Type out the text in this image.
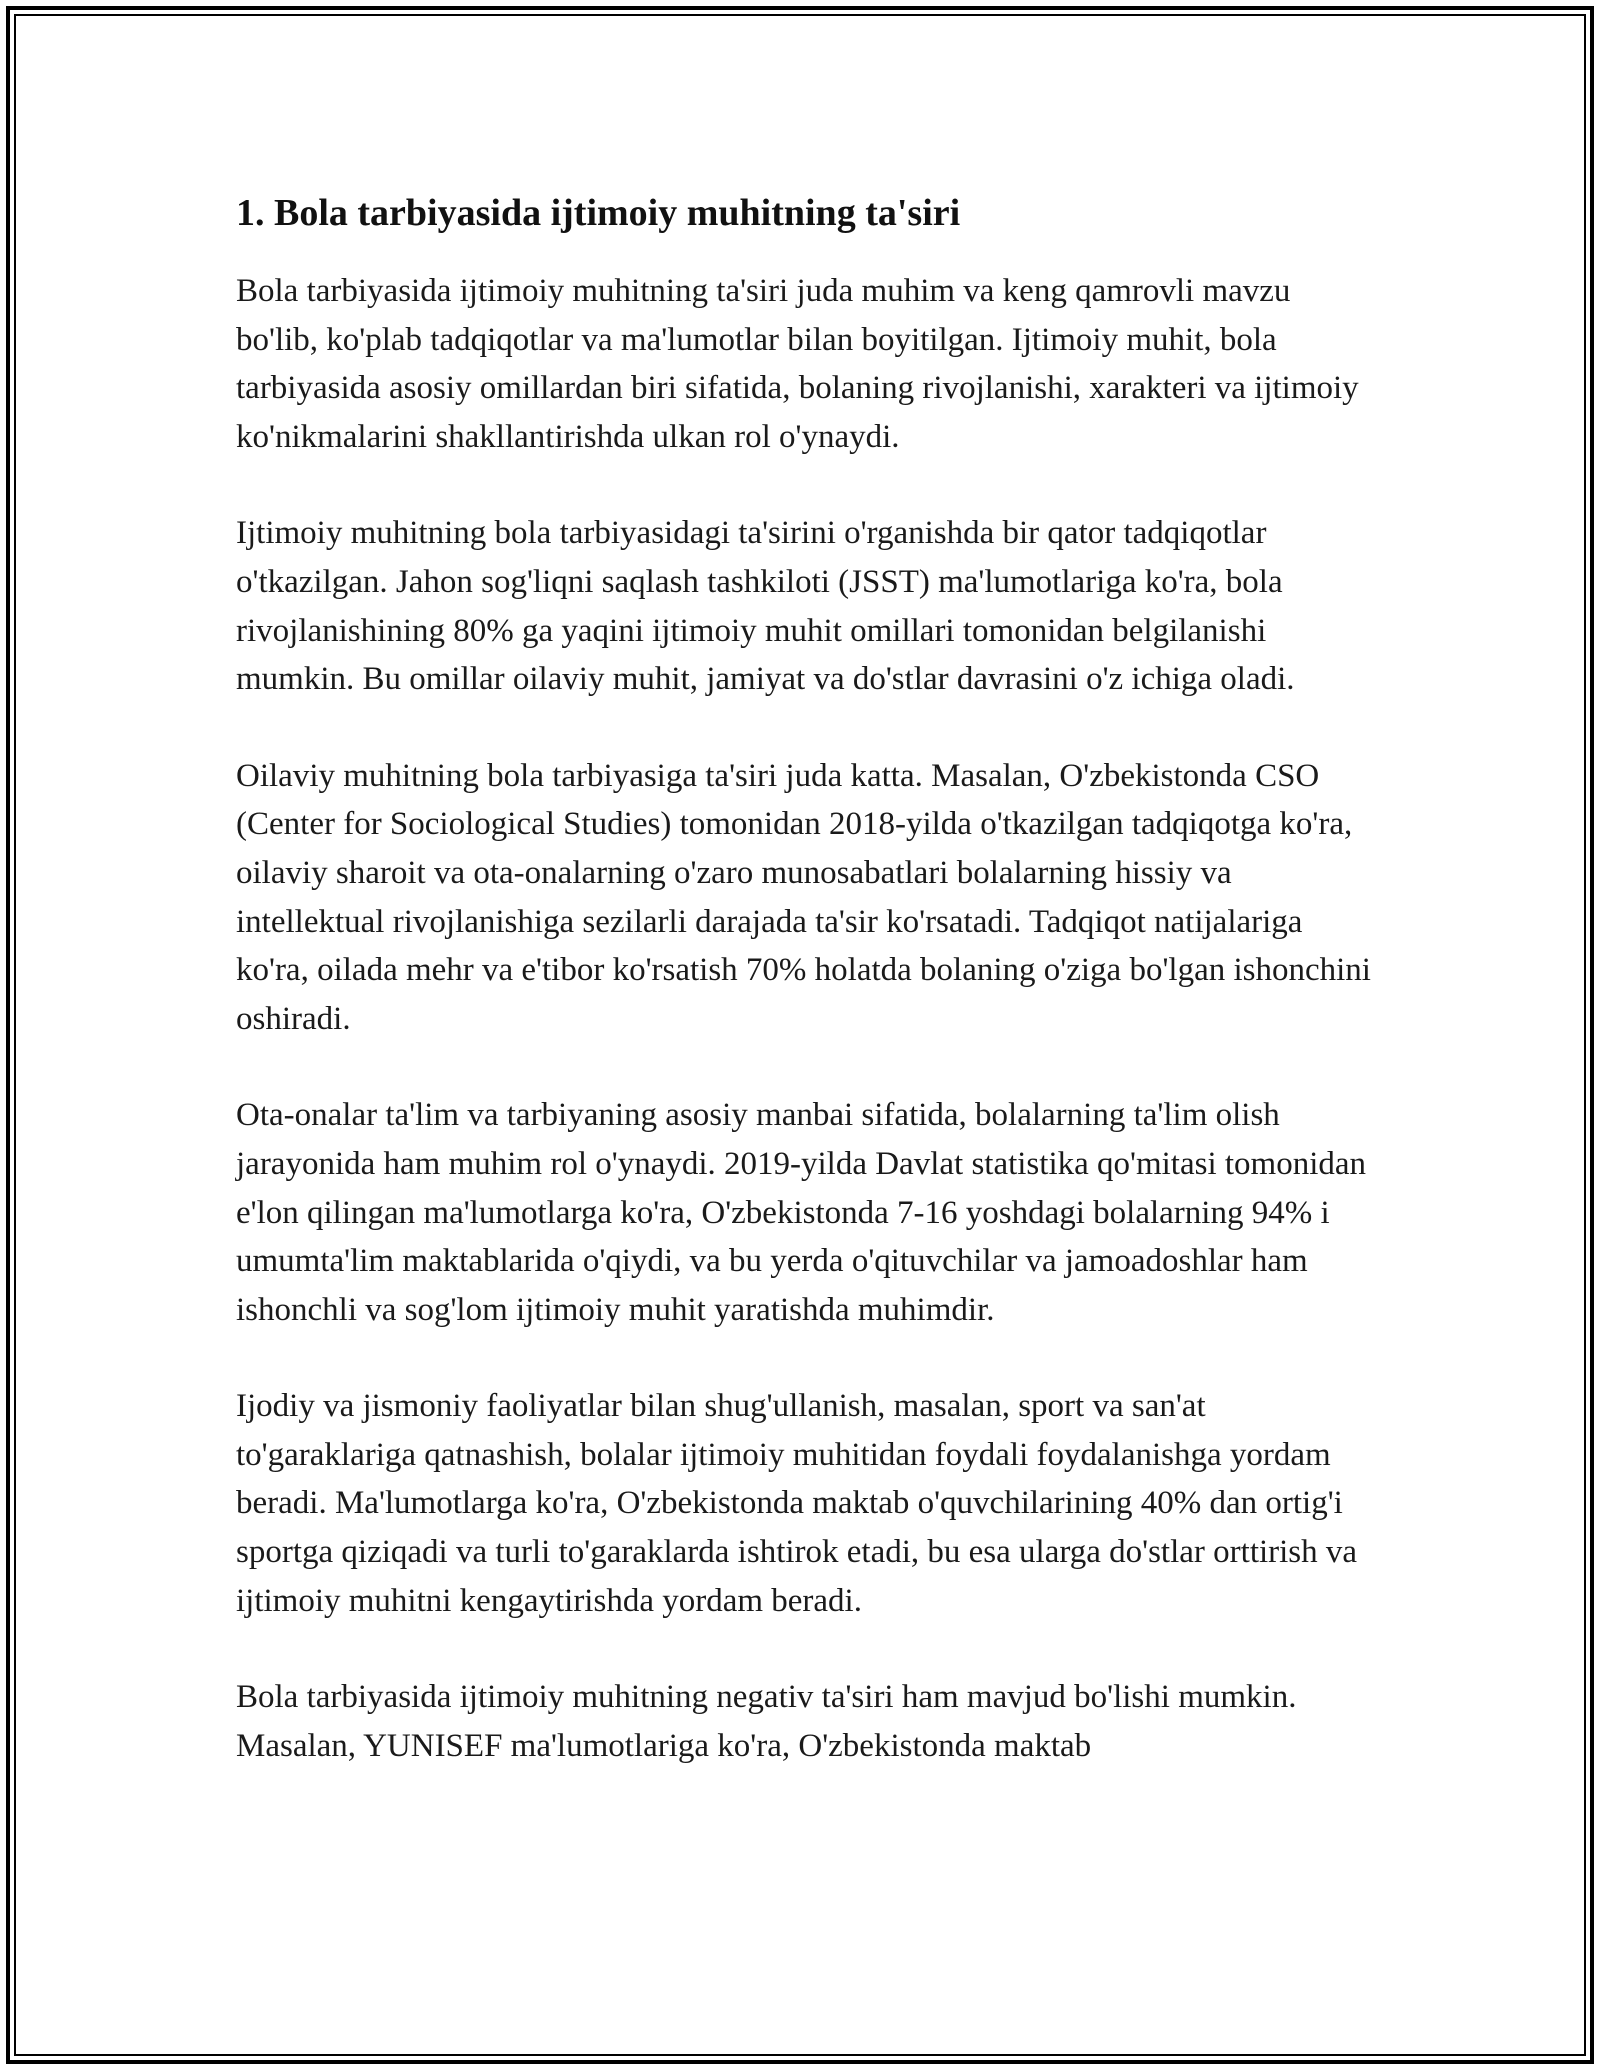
1. Bola tarbiyasida ijtimoiy muhitning ta'siri

Bola tarbiyasida ijtimoiy muhitning ta'siri juda muhim va keng qamrovli mavzu bo'lib, ko'plab tadqiqotlar va ma'lumotlar bilan boyitilgan. Ijtimoiy muhit, bola tarbiyasida asosiy omillardan biri sifatida, bolaning rivojlanishi, xarakteri va ijtimoiy ko'nikmalarini shakllantirishda ulkan rol o'ynaydi.

Ijtimoiy muhitning bola tarbiyasidagi ta'sirini o'rganishda bir qator tadqiqotlar o'tkazilgan. Jahon sog'liqni saqlash tashkiloti (JSST) ma'lumotlariga ko'ra, bola rivojlanishining 80% ga yaqini ijtimoiy muhit omillari tomonidan belgilanishi mumkin. Bu omillar oilaviy muhit, jamiyat va do'stlar davrasini o'z ichiga oladi.

Oilaviy muhitning bola tarbiyasiga ta'siri juda katta. Masalan, O'zbekistonda CSO (Center for Sociological Studies) tomonidan 2018-yilda o'tkazilgan tadqiqotga ko'ra, oilaviy sharoit va ota-onalarning o'zaro munosabatlari bolalarning hissiy va intellektual rivojlanishiga sezilarli darajada ta'sir ko'rsatadi. Tadqiqot natijalariga ko'ra, oilada mehr va e'tibor ko'rsatish 70% holatda bolaning o'ziga bo'lgan ishonchini oshiradi.

Ota-onalar ta'lim va tarbiyaning asosiy manbai sifatida, bolalarning ta'lim olish jarayonida ham muhim rol o'ynaydi. 2019-yilda Davlat statistika qo'mitasi tomonidan e'lon qilingan ma'lumotlarga ko'ra, O'zbekistonda 7-16 yoshdagi bolalarning 94% i umumta'lim maktablarida o'qiydi, va bu yerda o'qituvchilar va jamoadoshlar ham ishonchli va sog'lom ijtimoiy muhit yaratishda muhimdir.

Ijodiy va jismoniy faoliyatlar bilan shug'ullanish, masalan, sport va san'at to'garaklariga qatnashish, bolalar ijtimoiy muhitidan foydali foydalanishga yordam beradi. Ma'lumotlarga ko'ra, O'zbekistonda maktab o'quvchilarining 40% dan ortig'i sportga qiziqadi va turli to'garaklarda ishtirok etadi, bu esa ularga do'stlar orttirish va ijtimoiy muhitni kengaytirishda yordam beradi.

Bola tarbiyasida ijtimoiy muhitning negativ ta'siri ham mavjud bo'lishi mumkin. Masalan, YUNISEF ma'lumotlariga ko'ra, O'zbekistonda maktab
